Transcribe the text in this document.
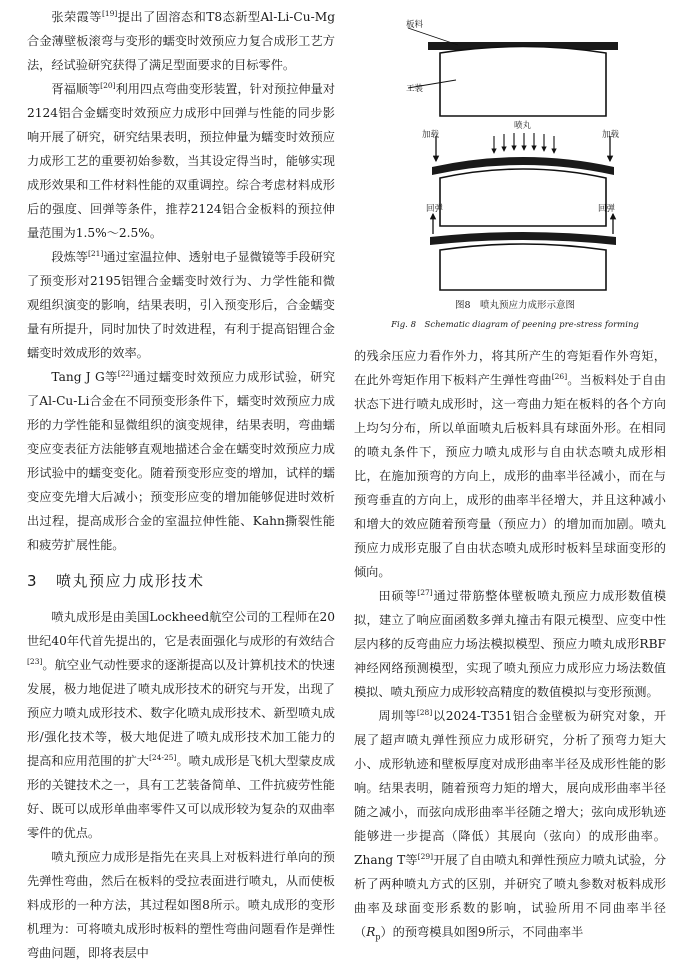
张荣霞等[19]提出了固溶态和T8态新型Al-Li-Cu-Mg合金薄壁板滚弯与变形的蠕变时效预应力复合成形工艺方法，经试验研究获得了满足型面要求的目标零件。

胥福顺等[20]利用四点弯曲变形装置，针对预拉伸量对2124铝合金蠕变时效预应力成形中回弹与性能的同步影响开展了研究，研究结果表明，预拉伸量为蠕变时效预应力成形工艺的重要初始参数，当其设定得当时，能够实现成形效果和工件材料性能的双重调控。综合考虑材料成形后的强度、回弹等条件，推荐2124铝合金板料的预拉伸量范围为1.5%～2.5%。

段炼等[21]通过室温拉伸、透射电子显微镜等手段研究了预变形对2195铝锂合金蠕变时效行为、力学性能和微观组织演变的影响，结果表明，引入预变形后，合金蠕变量有所提升，同时加快了时效进程，有利于提高铝锂合金蠕变时效成形的效率。

Tang J G等[22]通过蠕变时效预应力成形试验，研究了Al-Cu-Li合金在不同预变形条件下，蠕变时效预应力成形的力学性能和显微组织的演变规律，结果表明，弯曲蠕变应变表征方法能够直观地描述合金在蠕变时效预应力成形试验中的蠕变变化。随着预变形应变的增加，试样的蠕变应变先增大后减小；预变形应变的增加能够促进时效析出过程，提高成形合金的室温拉伸性能、Kahn撕裂性能和疲劳扩展性能。

3 喷丸预应力成形技术

喷丸成形是由美国Lockheed航空公司的工程师在20世纪40年代首先提出的，它是表面强化与成形的有效结合[23]。航空业气动性要求的逐渐提高以及计算机技术的快速发展，极力地促进了喷丸成形技术的研究与开发，出现了预应力喷丸成形技术、数字化喷丸成形技术、新型喷丸成形/强化技术等，极大地促进了喷丸成形技术加工能力的提高和应用范围的扩大[24-25]。喷丸成形是飞机大型蒙皮成形的关键技术之一，具有工艺装备简单、工件抗疲劳性能好、既可以成形单曲率零件又可以成形较为复杂的双曲率零件的优点。

喷丸预应力成形是指先在夹具上对板料进行单向的预先弹性弯曲，然后在板料的受拉表面进行喷丸，从而使板料成形的一种方法，其过程如图8所示。喷丸成形的变形机理为：可将喷丸成形时板料的塑性弯曲问题看作是弹性弯曲问题，即将表层中

板料
工装
加载	加载
喷丸
回弹	回弹
图8　喷丸预应力成形示意图
Fig. 8　Schematic diagram of peening pre-stress forming

的残余压应力看作外力，将其所产生的弯矩看作外弯矩，在此外弯矩作用下板料产生弹性弯曲[26]。当板料处于自由状态下进行喷丸成形时，这一弯曲力矩在板料的各个方向上均匀分布，所以单面喷丸后板料具有球面外形。在相同的喷丸条件下，预应力喷丸成形与自由状态喷丸成形相比，在施加预弯的方向上，成形的曲率半径减小，而在与预弯垂直的方向上，成形的曲率半径增大，并且这种减小和增大的效应随着预弯量（预应力）的增加而加剧。喷丸预应力成形克服了自由状态喷丸成形时板料呈球面变形的倾向。

田硕等[27]通过带筋整体壁板喷丸预应力成形数值模拟，建立了响应面函数多弹丸撞击有限元模型、应变中性层内移的反弯曲应力场法模拟模型、预应力喷丸成形RBF神经网络预测模型，实现了喷丸预应力成形应力场法数值模拟、喷丸预应力成形较高精度的数值模拟与变形预测。

周圳等[28]以2024-T351铝合金壁板为研究对象，开展了超声喷丸弹性预应力成形研究，分析了预弯力矩大小、成形轨迹和壁板厚度对成形曲率半径及成形性能的影响。结果表明，随着预弯力矩的增大，展向成形曲率半径随之减小，而弦向成形曲率半径随之增大；弦向成形轨迹能够进一步提高（降低）其展向（弦向）的成形曲率。Zhang T等[29]开展了自由喷丸和弹性预应力喷丸试验，分析了两种喷丸方式的区别，并研究了喷丸参数对板料成形曲率及球面变形系数的影响，试验所用不同曲率半径$(R_p)$的预弯模具如图9所示，不同曲率半
